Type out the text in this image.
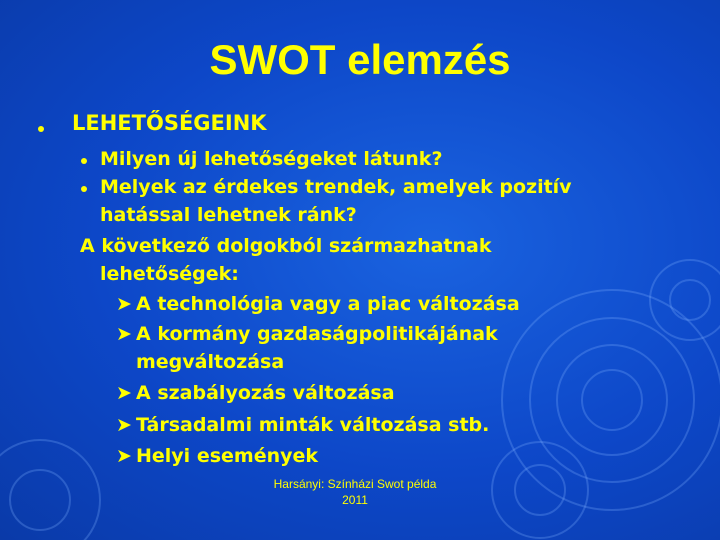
SWOT elemzés
LEHETŐSÉGEINK
Milyen új lehetőségeket látunk?
Melyek az érdekes trendek, amelyek pozitív
hatással lehetnek ránk?
A következő dolgokból származhatnak
lehetőségek:
➤ A technológia vagy a piac változása
➤ A kormány gazdaságpolitikájának
megváltozása
➤ A szabályozás változása
➤ Társadalmi minták változása stb.
➤ Helyi események
Harsányi: Színházi Swot példa
2011
